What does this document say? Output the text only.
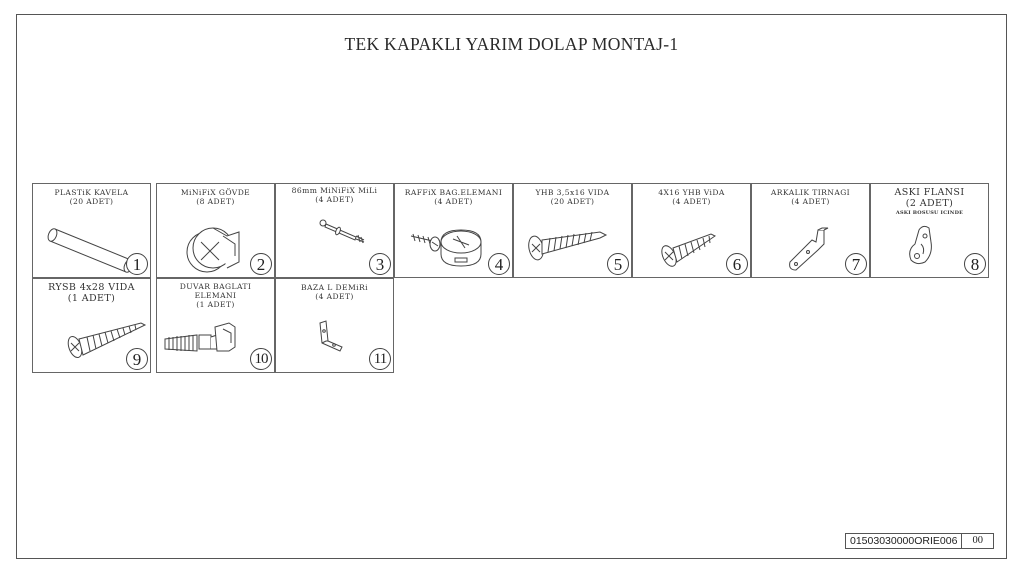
TEK KAPAKLI YARIM DOLAP MONTAJ-1
PLASTiK KAVELA
(20 ADET)
1
MiNiFiX GÖVDE
(8 ADET)
2
86mm MiNiFiX MiLi
(4 ADET)
3
RAFFiX BAG.ELEMANI
(4 ADET)
4
YHB 3,5x16 VIDA
(20 ADET)
5
4X16 YHB ViDA
(4 ADET)
6
ARKALIK TIRNAGI
(4 ADET)
7
ASKI FLANSI
(2 ADET)
ASKI BOSUSU ICINDE
8
RYSB 4x28 VIDA
(1 ADET)
9
DUVAR BAGLATI ELEMANI
(1 ADET)
10
BAZA L DEMiRi
(4 ADET)
11
01503030000ORIE006	00
